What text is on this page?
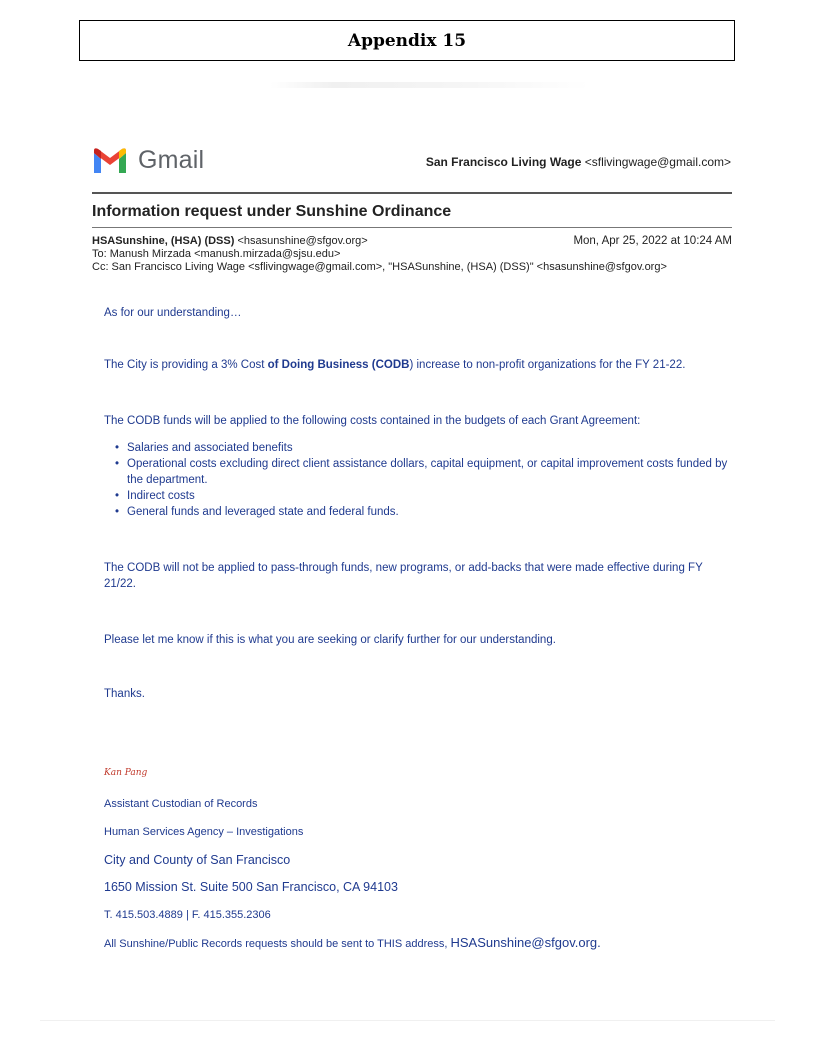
Appendix 15
Gmail	San Francisco Living Wage <sflivingwage@gmail.com>
Information request under Sunshine Ordinance
HSASunshine, (HSA) (DSS) <hsasunshine@sfgov.org>	Mon, Apr 25, 2022 at 10:24 AM
To: Manush Mirzada <manush.mirzada@sjsu.edu>
Cc: San Francisco Living Wage <sflivingwage@gmail.com>, "HSASunshine, (HSA) (DSS)" <hsasunshine@sfgov.org>
As for our understanding…
The City is providing a 3% Cost of Doing Business (CODB) increase to non-profit organizations for the FY 21-22.
The CODB funds will be applied to the following costs contained in the budgets of each Grant Agreement:
• Salaries and associated benefits
• Operational costs excluding direct client assistance dollars, capital equipment, or capital improvement costs funded by the department.
• Indirect costs
• General funds and leveraged state and federal funds.
The CODB will not be applied to pass-through funds, new programs, or add-backs that were made effective during FY 21/22.
Please let me know if this is what you are seeking or clarify further for our understanding.
Thanks.
Kan Pang
Assistant Custodian of Records
Human Services Agency – Investigations
City and County of San Francisco
1650 Mission St. Suite 500 San Francisco, CA 94103
T. 415.503.4889 | F. 415.355.2306
All Sunshine/Public Records requests should be sent to THIS address, HSASunshine@sfgov.org.
